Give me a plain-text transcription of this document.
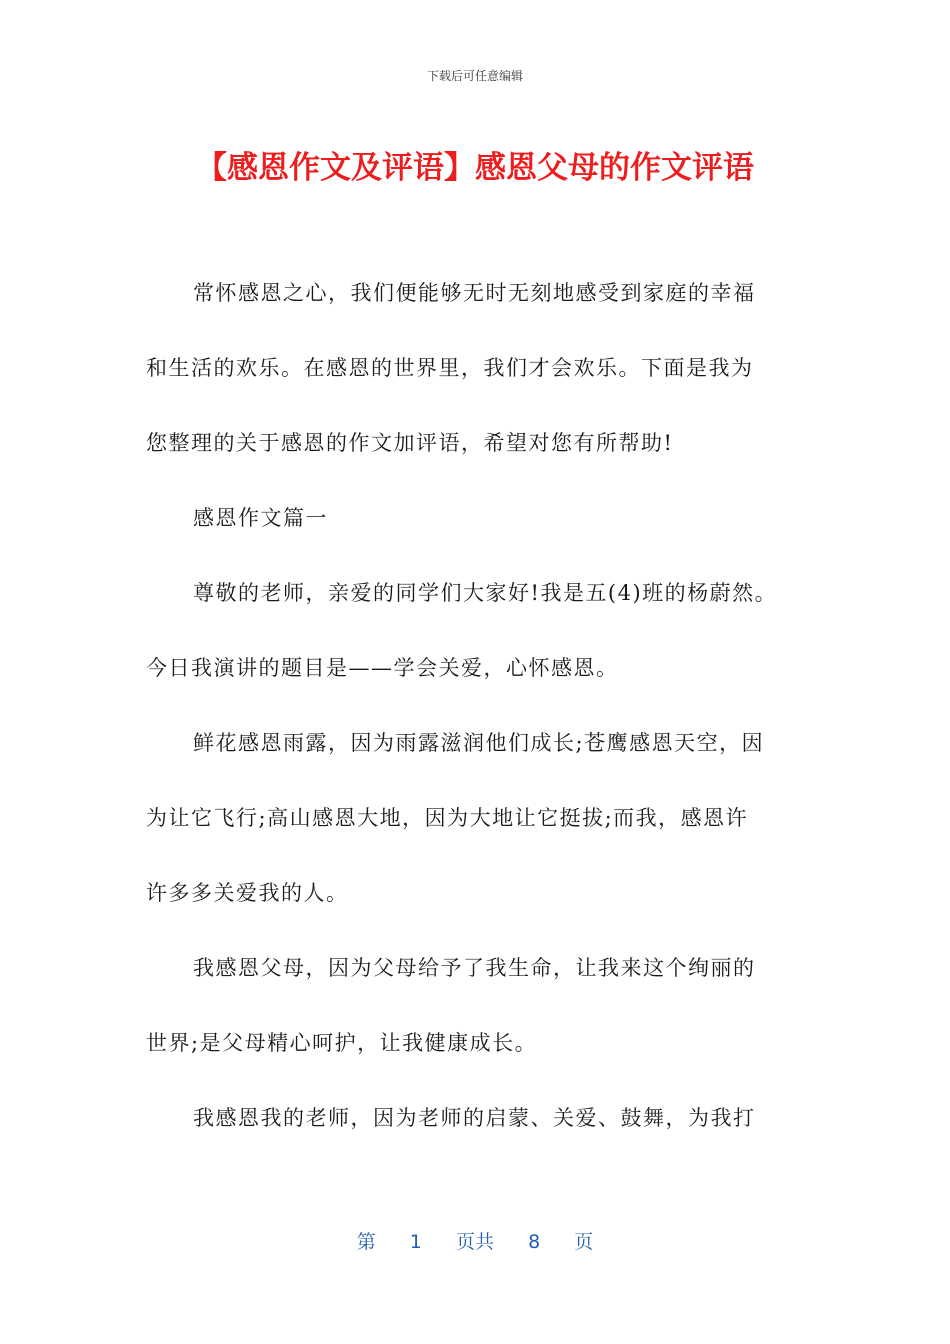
下载后可任意编辑
【感恩作文及评语】感恩父母的作文评语
常怀感恩之心，我们便能够无时无刻地感受到家庭的幸福
和生活的欢乐。在感恩的世界里，我们才会欢乐。下面是我为
您整理的关于感恩的作文加评语，希望对您有所帮助!
感恩作文篇一
尊敬的老师，亲爱的同学们大家好!我是五(4)班的杨蔚然。
今日我演讲的题目是——学会关爱，心怀感恩。
鲜花感恩雨露，因为雨露滋润他们成长;苍鹰感恩天空，因
为让它飞行;高山感恩大地，因为大地让它挺拔;而我，感恩许
许多多关爱我的人。
我感恩父母，因为父母给予了我生命，让我来这个绚丽的
世界;是父母精心呵护，让我健康成长。
我感恩我的老师，因为老师的启蒙、关爱、鼓舞，为我打
第 1 页共 8 页
